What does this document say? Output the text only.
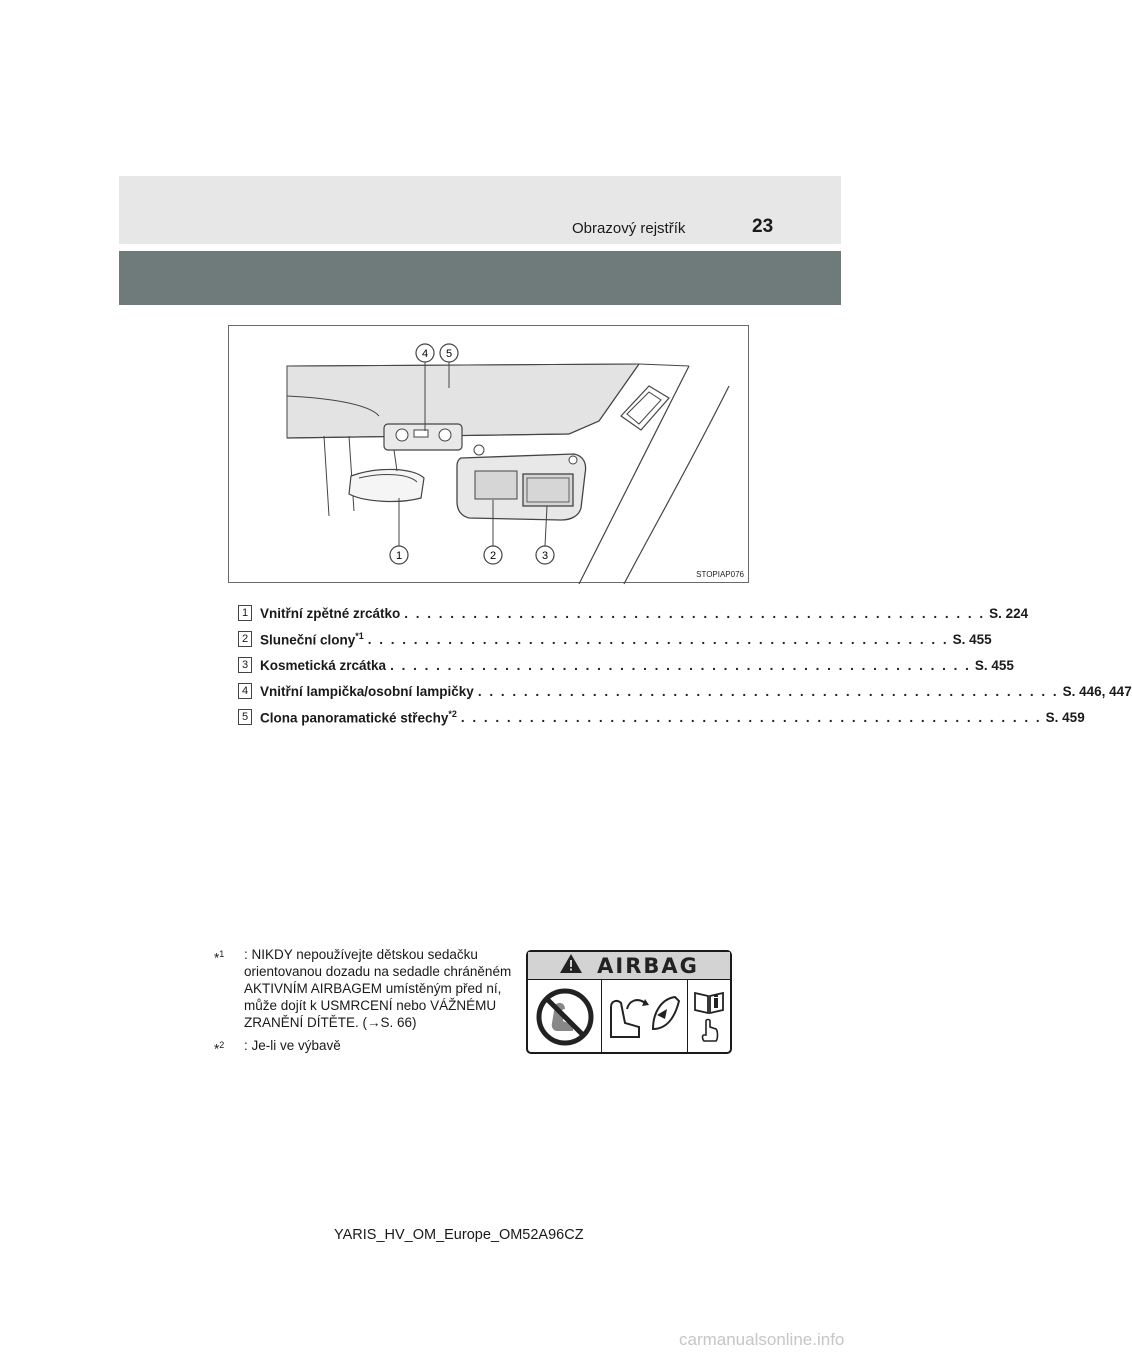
Obrazový rejstřík	23
1	2	3
4 5
STOPIAP076
1 Vnitřní zpětné zrcátko . . . . . . . . . . . . . . . . . . . . . . . . . . . . . . . . . . . . . . . . . . . . . . . . . . . S. 224
2 Sluneční clony$^{*1}$ . . . . . . . . . . . . . . . . . . . . . . . . . . . . . . . . . . . . . . . . . . . . . . . . . . . S. 455
3 Kosmetická zrcátka . . . . . . . . . . . . . . . . . . . . . . . . . . . . . . . . . . . . . . . . . . . . . . . . . . . S. 455
4 Vnitřní lampička/osobní lampičky . . . . . . . . . . . . . . . . . . . . . . . . . . . . . . . . . . . . . . . . . . . . . . . . . . . S. 446, 447
5 Clona panoramatické střechy$^{*2}$ . . . . . . . . . . . . . . . . . . . . . . . . . . . . . . . . . . . . . . . . . . . . . . . . . . . S. 459
*$^1$	: NIKDY nepoužívejte dětskou sedačku orientovanou dozadu na sedadle chráněném AKTIVNÍM AIRBAGEM umístěným před ní, může dojít k USMRCENÍ nebo VÁŽNÉMU ZRANĚNÍ DÍTĚTE. (→S. 66)
*$^2$	: Je-li ve výbavě
AIRBAG
YARIS_HV_OM_Europe_OM52A96CZ
carmanualsonline.info
